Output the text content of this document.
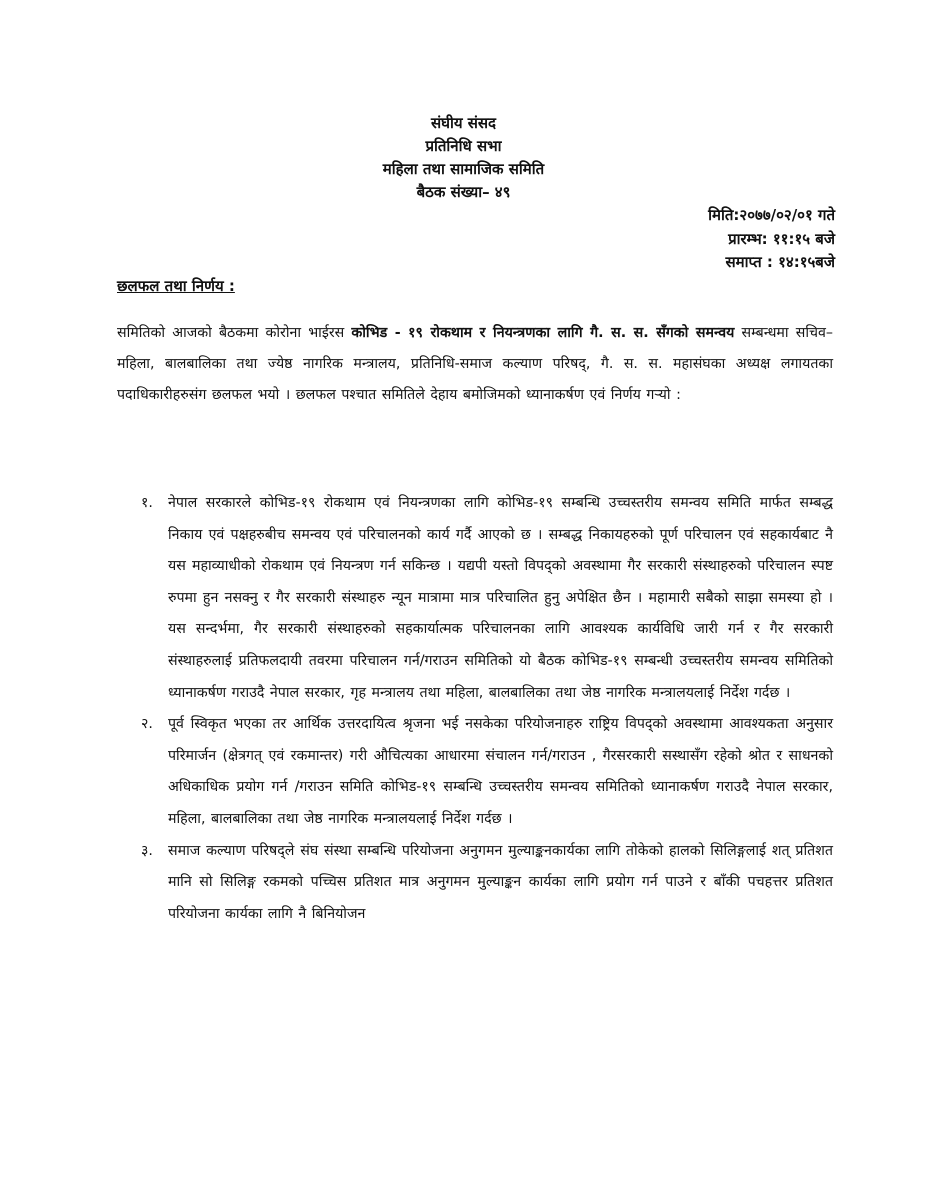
संघीय संसद
प्रतिनिधि सभा
महिला तथा सामाजिक समिति
बैठक संख्या– ४९
मिति:२०७७/०२/०१ गते
प्रारम्भ: ११:१५ बजे
समाप्त : १४:१५बजे
छलफल तथा निर्णय :
समितिको आजको बैठकमा कोरोना भाईरस कोभिड - १९ रोकथाम र नियन्त्रणका लागि गै. स. स. सँगको समन्वय सम्बन्धमा सचिव–महिला, बालबालिका तथा ज्येष्ठ नागरिक मन्त्रालय, प्रतिनिधि-समाज कल्याण परिषद्, गै. स. स. महासंघका अध्यक्ष लगायतका पदाधिकारीहरुसंग छलफल भयो । छलफल पश्चात समितिले देहाय बमोजिमको ध्यानाकर्षण एवं निर्णय गऱ्यो :
१. नेपाल सरकारले कोभिड-१९ रोकथाम एवं नियन्त्रणका लागि कोभिड-१९ सम्बन्धि उच्चस्तरीय समन्वय समिति मार्फत सम्बद्ध निकाय एवं पक्षहरुबीच समन्वय एवं परिचालनको कार्य गर्दै आएको छ । सम्बद्ध निकायहरुको पूर्ण परिचालन एवं सहकार्यबाट नै यस महाव्याधीको रोकथाम एवं नियन्त्रण गर्न सकिन्छ । यद्यपी यस्तो विपद्को अवस्थामा गैर सरकारी संस्थाहरुको परिचालन स्पष्ट रुपमा हुन नसक्नु र गैर सरकारी संस्थाहरु न्यून मात्रामा मात्र परिचालित हुनु अपेक्षित छैन । महामारी सबैको साझा समस्या हो । यस सन्दर्भमा, गैर सरकारी संस्थाहरुको सहकार्यात्मक परिचालनका लागि आवश्यक कार्यविधि जारी गर्न र गैर सरकारी संस्थाहरुलाई प्रतिफलदायी तवरमा परिचालन गर्न/गराउन समितिको यो बैठक कोभिड-१९ सम्बन्धी उच्चस्तरीय समन्वय समितिको ध्यानाकर्षण गराउदै नेपाल सरकार, गृह मन्त्रालय तथा महिला, बालबालिका तथा जेष्ठ नागरिक मन्त्रालयलाई निर्देश गर्दछ ।
२. पूर्व स्विकृत भएका तर आर्थिक उत्तरदायित्व श्रृजना भई नसकेका परियोजनाहरु राष्ट्रिय विपद्को अवस्थामा आवश्यकता अनुसार परिमार्जन (क्षेत्रगत् एवं रकमान्तर) गरी औचित्यका आधारमा संचालन गर्न/गराउन , गैरसरकारी सस्थासँग रहेको श्रोत र साधनको अधिकाधिक प्रयोग गर्न /गराउन समिति कोभिड-१९ सम्बन्धि उच्चस्तरीय समन्वय समितिको ध्यानाकर्षण गराउदै नेपाल सरकार, महिला, बालबालिका तथा जेष्ठ नागरिक मन्त्रालयलाई निर्देश गर्दछ ।
३. समाज कल्याण परिषद्ले संघ संस्था सम्बन्धि परियोजना अनुगमन मुल्याङ्कनकार्यका लागि तोकेको हालको सिलिङ्गलाई शत् प्रतिशत मानि सो सिलिङ्ग रकमको पच्चिस प्रतिशत मात्र अनुगमन मुल्याङ्कन कार्यका लागि प्रयोग गर्न पाउने र बाँकी पचहत्तर प्रतिशत परियोजना कार्यका लागि नै बिनियोजन
